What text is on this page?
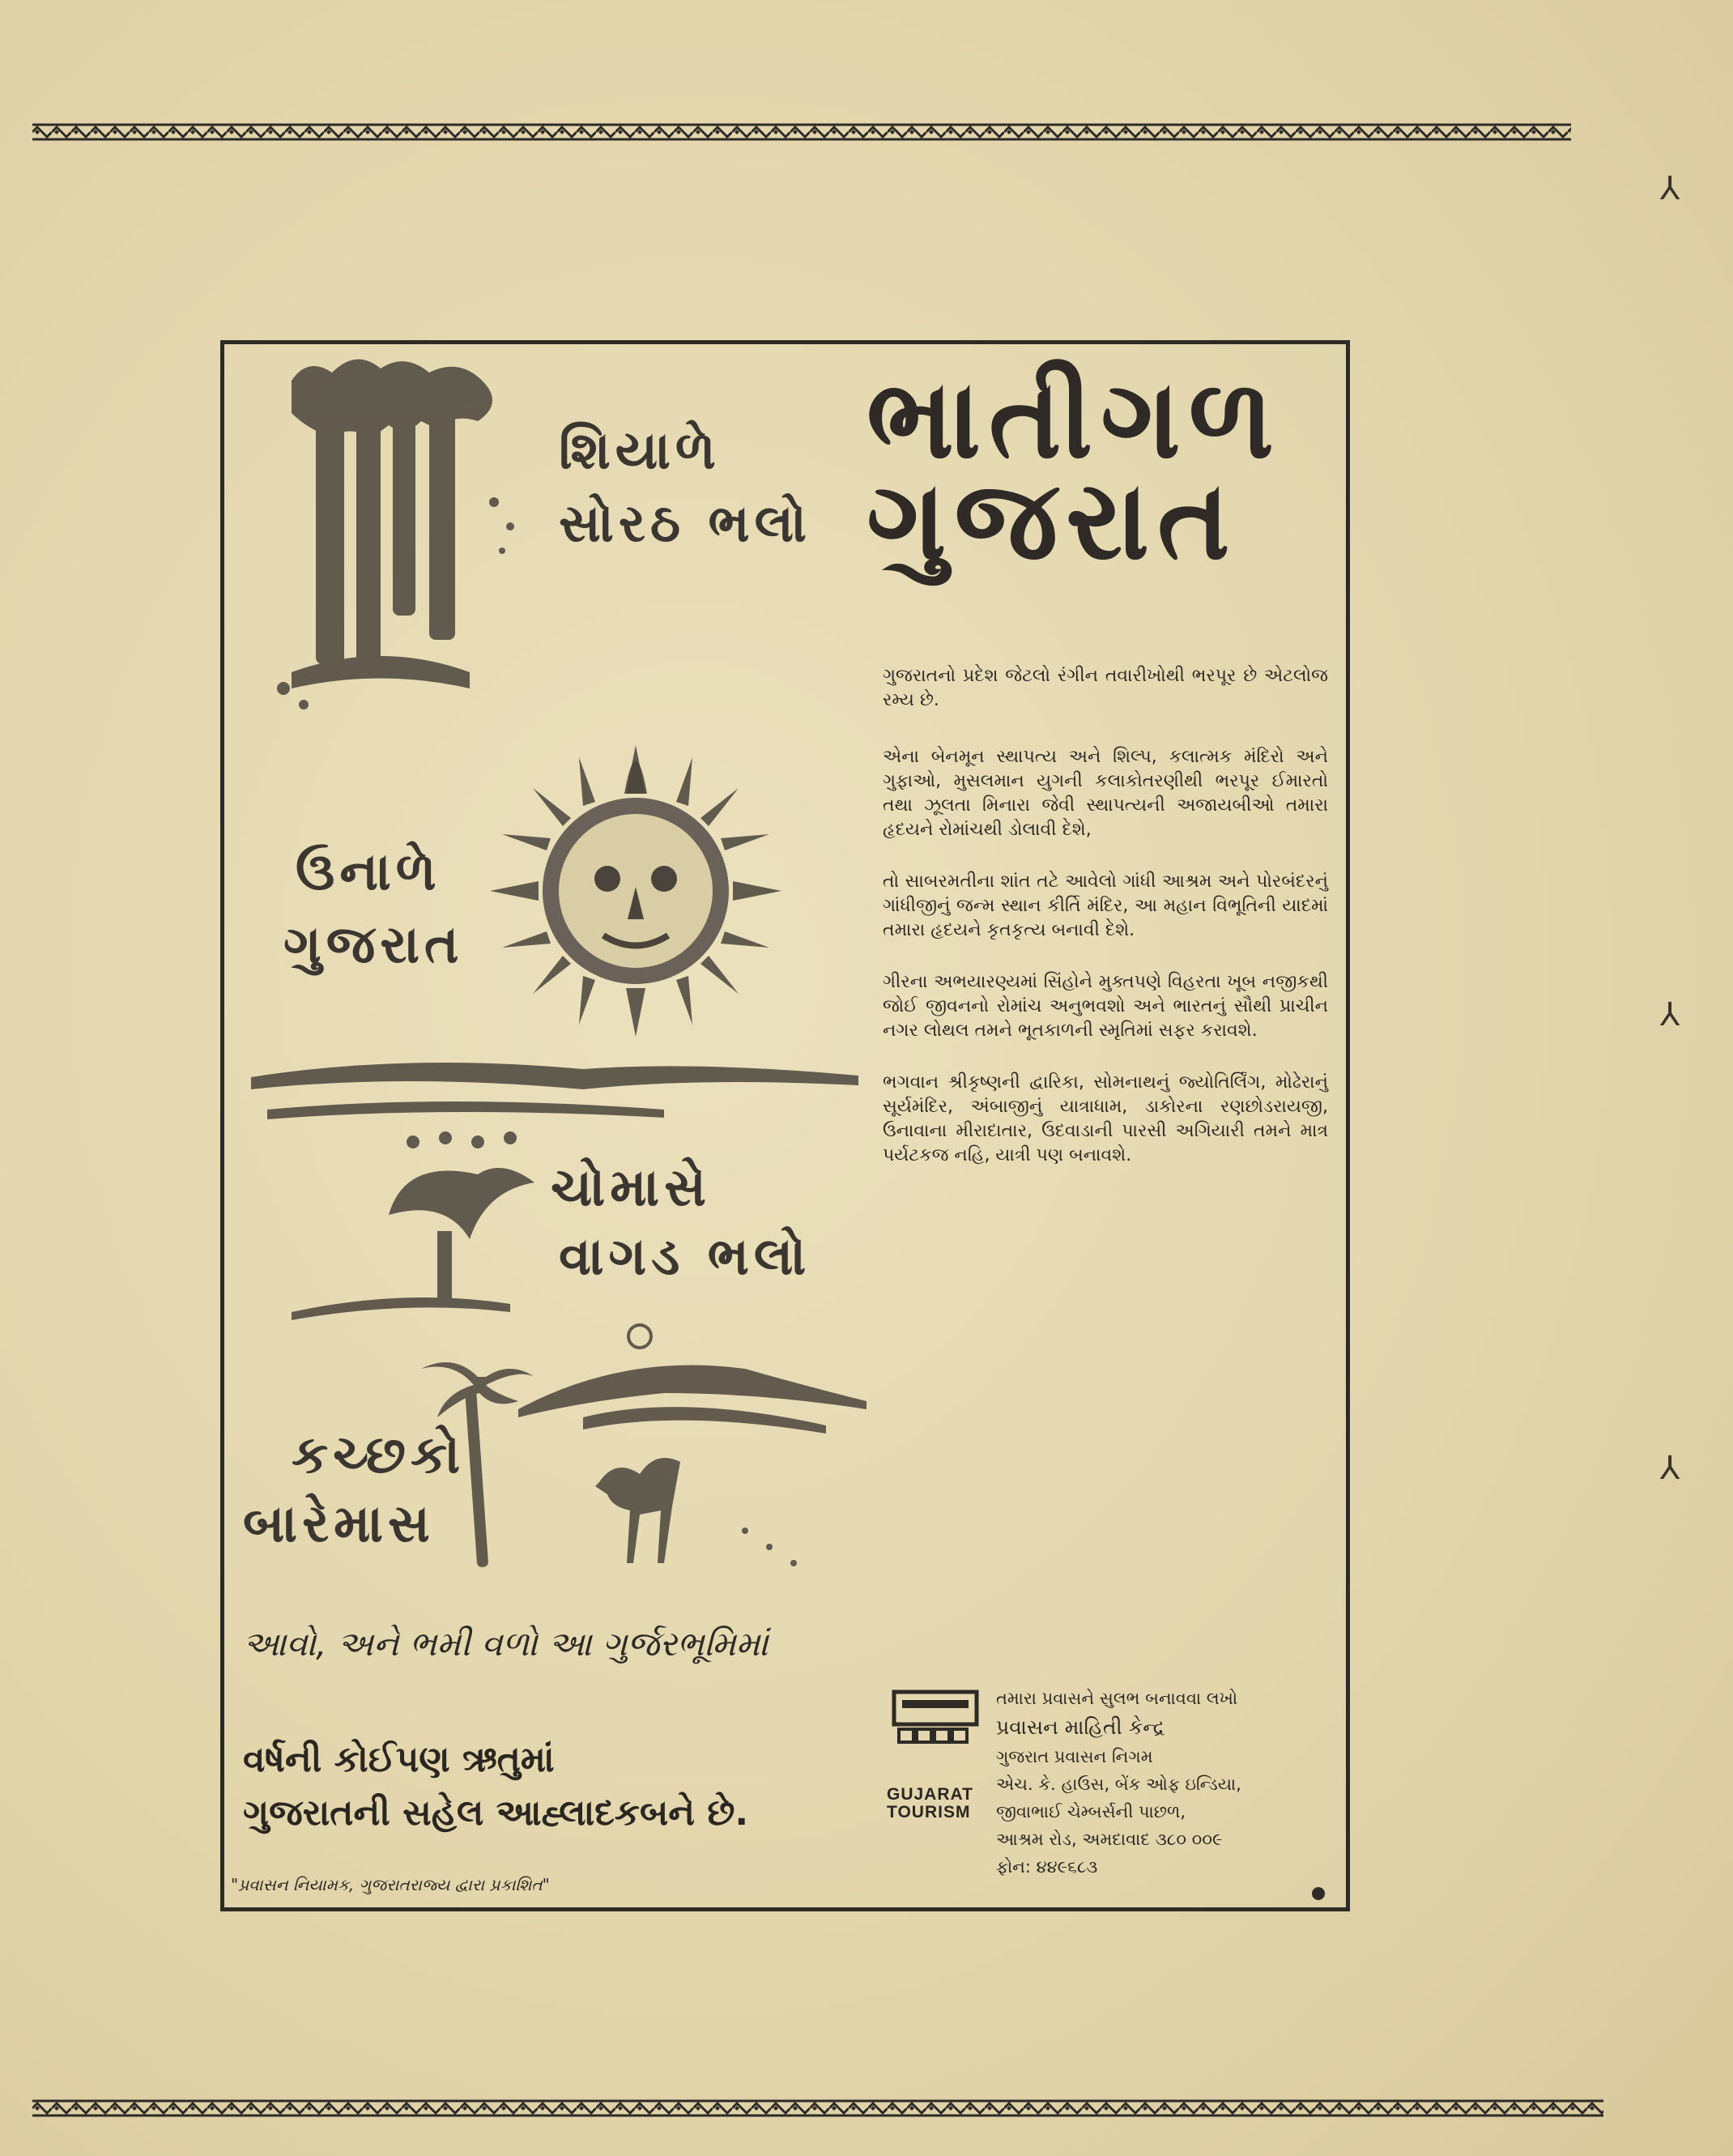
⅄
⅄
⅄
શિયાળે
સોરઠ ભલો
ભાતીગળ
ગુજરાત
ઉનાળે
ગુજરાત
ચોમાસે
વાગડ ભલો
કચ્છકો
બારેમાસ

ગુજરાતનો પ્રદેશ જેટલો રંગીન તવારીખોથી ભરપૂર છે એટલોજ રમ્ય છે.

એના બેનમૂન સ્થાપત્ય અને શિલ્પ, કલાત્મક મંદિરો અને ગુફાઓ, મુસલમાન યુગની કલાકોતરણીથી ભરપૂર ઈમારતો તથા ઝૂલતા મિનારા જેવી સ્થાપત્યની અજાયબીઓ તમારા હૃદયને રોમાંચથી ડોલાવી દેશે,

તો સાબરમતીના શાંત તટે આવેલો ગાંધી આશ્રમ અને પોરબંદરનું ગાંધીજીનું જન્મ સ્થાન કીર્તિ મંદિર, આ મહાન વિભૂતિની યાદમાં તમારા હૃદયને કૃતકૃત્ય બનાવી દેશે.

ગીરના અભયારણ્યમાં સિંહોને મુક્તપણે વિહરતા ખૂબ નજીકથી જોઈ જીવનનો રોમાંચ અનુભવશો અને ભારતનું સૌથી પ્રાચીન નગર લોથલ તમને ભૂતકાળની સ્મૃતિમાં સફર કરાવશે.

ભગવાન શ્રીકૃષ્ણની દ્વારિકા, સોમનાથનું જ્યોતિર્લિંગ, મોઢેરાનું સૂર્યમંદિર, અંબાજીનું યાત્રાધામ, ડાકોરના રણછોડરાયજી, ઉનાવાના મીરાદાતાર, ઉદવાડાની પારસી અગિયારી તમને માત્ર પર્યટકજ નહિ, યાત્રી પણ બનાવશે.

આવો, અને ભમી વળો આ ગુર્જરભૂમિમાં
વર્ષની કોઈપણ ઋતુમાં
ગુજરાતની સહેલ આહ્લાદકબને છે.
"પ્રવાસન નિયામક, ગુજરાતરાજ્ય દ્વારા પ્રકાશિત"
GUJARAT
TOURISM
તમારા પ્રવાસને સુલભ બનાવવા લખો
પ્રવાસન માહિતી કેન્દ્ર
ગુજરાત પ્રવાસન નિગમ
એચ. કે. હાઉસ, બેંક ઓફ ઇન્ડિયા,
જીવાભાઈ ચેમ્બર્સની પાછળ,
આશ્રમ રોડ, અમદાવાદ ૩૮૦ ૦૦૯
ફોન: ૪૪૯૬૮૩
